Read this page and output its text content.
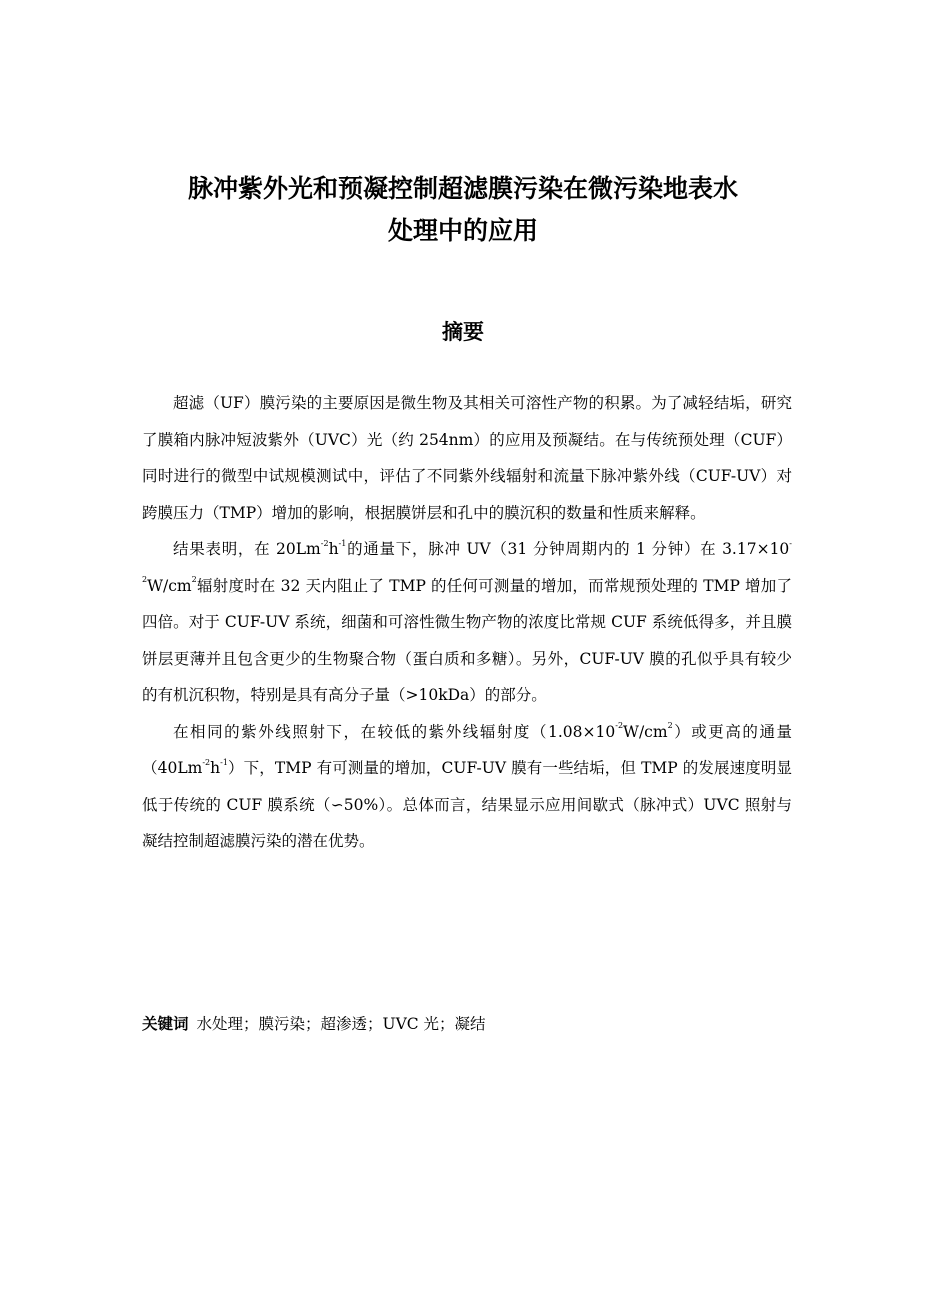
脉冲紫外光和预凝控制超滤膜污染在微污染地表水
处理中的应用
摘要

超滤（UF）膜污染的主要原因是微生物及其相关可溶性产物的积累。为了减轻结垢，研究了膜箱内脉冲短波紫外（UVC）光（约 254nm）的应用及预凝结。在与传统预处理（CUF）同时进行的微型中试规模测试中，评估了不同紫外线辐射和流量下脉冲紫外线（CUF-UV）对跨膜压力（TMP）增加的影响，根据膜饼层和孔中的膜沉积的数量和性质来解释。

结果表明，在 $20Lm^{-2}h^{-1}$的通量下，脉冲 UV（31 分钟周期内的 1 分钟）在 $3.17\times 10^{-2}W/cm^2$辐射度时在 32 天内阻止了 TMP 的任何可测量的增加，而常规预处理的 TMP 增加了四倍。对于 CUF-UV 系统，细菌和可溶性微生物产物的浓度比常规 CUF 系统低得多，并且膜饼层更薄并且包含更少的生物聚合物（蛋白质和多糖）。另外，CUF-UV 膜的孔似乎具有较少的有机沉积物，特别是具有高分子量（>10kDa）的部分。

在相同的紫外线照射下，在较低的紫外线辐射度$(1.08\times 10^{-2}W/cm^2)$或更高的通量$(40Lm^{-2}h^{-1})$下，TMP 有可测量的增加，CUF-UV 膜有一些结垢，但 TMP 的发展速度明显低于传统的 CUF 膜系统（∽50%）。总体而言，结果显示应用间歇式（脉冲式）UVC 照射与凝结控制超滤膜污染的潜在优势。

关键词 水处理；膜污染；超渗透；UVC 光；凝结
